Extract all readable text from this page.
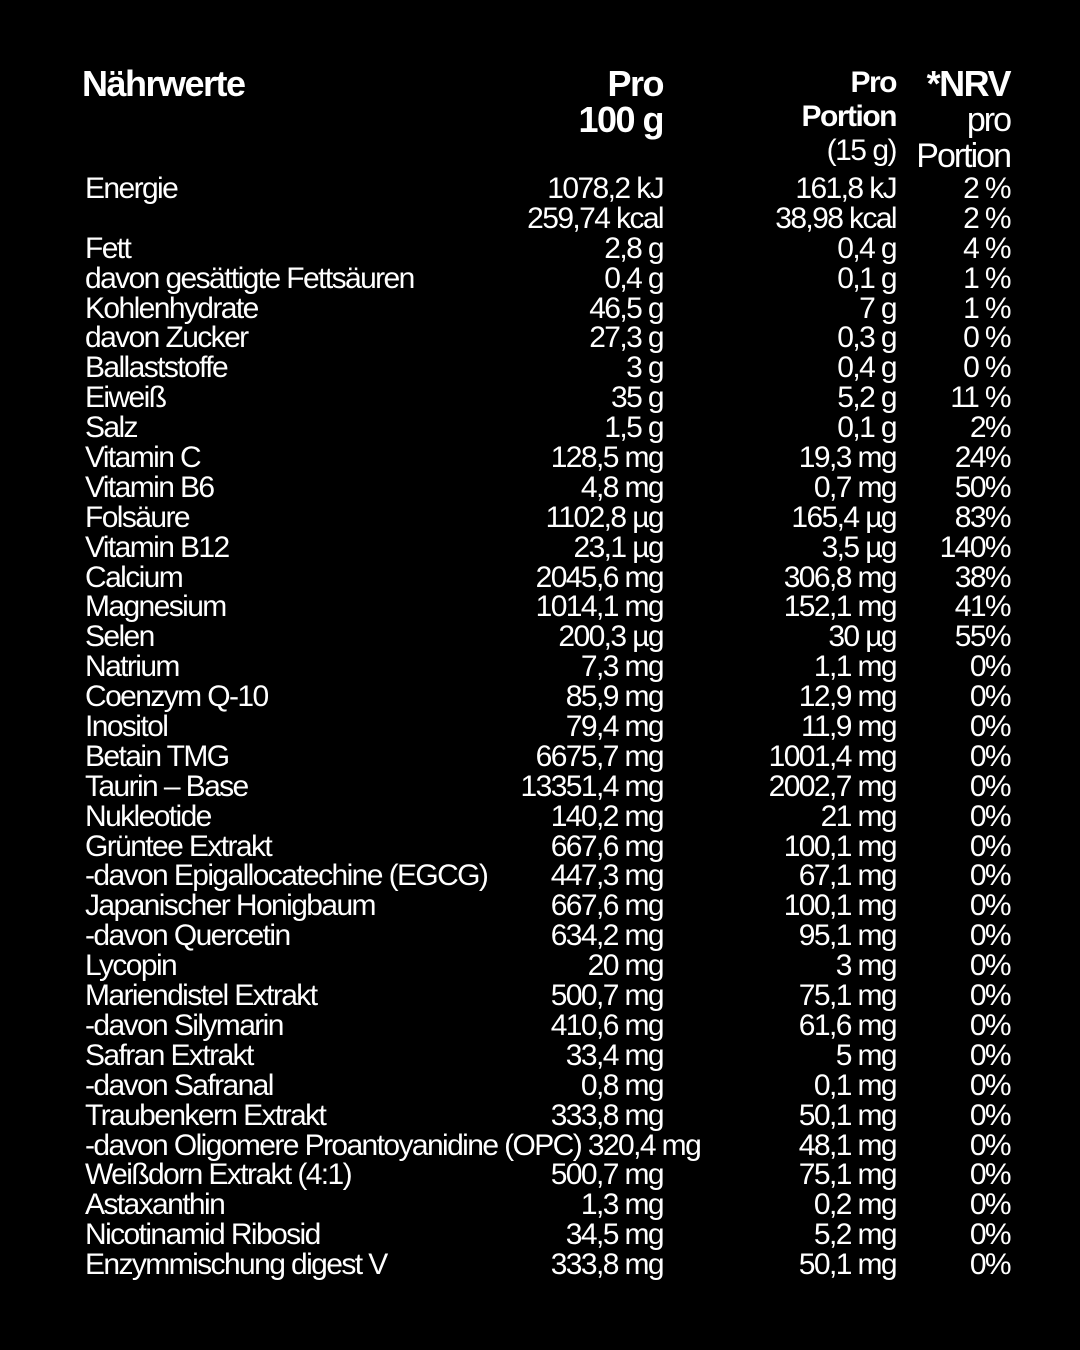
Nährwerte	Pro
100 g
Pro
Portion
(15 g)
*NRV
pro
Portion
Energie	1078,2 kJ	161,8 kJ 2 %
259,74 kcal	38,98 kcal 2 %
Fett	2,8 g	0,4 g 4 %
davon gesättigte Fettsäuren	0,4 g	0,1 g 1 %
Kohlenhydrate	46,5 g	7 g 1 %
davon Zucker	27,3 g	0,3 g 0 %
Ballaststoffe	3 g	0,4 g 0 %
Eiweiß	35 g	5,2 g 11 %
Salz	1,5 g	0,1 g 2%
Vitamin C	128,5 mg	19,3 mg 24%
Vitamin B6	4,8 mg	0,7 mg 50%
Folsäure	1102,8 µg	165,4 µg 83%
Vitamin B12	23,1 µg	3,5 µg 140%
Calcium	2045,6 mg	306,8 mg 38%
Magnesium	1014,1 mg	152,1 mg 41%
Selen	200,3 µg	30 µg 55%
Natrium	7,3 mg	1,1 mg 0%
Coenzym Q-10	85,9 mg	12,9 mg 0%
Inositol	79,4 mg	11,9 mg 0%
Betain TMG	6675,7 mg	1001,4 mg 0%
Taurin – Base	13351,4 mg	2002,7 mg 0%
Nukleotide	140,2 mg	21 mg 0%
Grüntee Extrakt	667,6 mg	100,1 mg 0%
-davon Epigallocatechine (EGCG) 447,3 mg	67,1 mg 0%
Japanischer Honigbaum	667,6 mg	100,1 mg 0%
-davon Quercetin	634,2 mg	95,1 mg 0%
Lycopin	20 mg	3 mg 0%
Mariendistel Extrakt	500,7 mg	75,1 mg 0%
-davon Silymarin	410,6 mg	61,6 mg 0%
Safran Extrakt	33,4 mg	5 mg 0%
-davon Safranal	0,8 mg	0,1 mg 0%
Traubenkern Extrakt	333,8 mg	50,1 mg 0%
-davon Oligomere Proantoyanidine (OPC) 320,4 mg	48,1 mg 0%
Weißdorn Extrakt (4:1)	500,7 mg	75,1 mg 0%
Astaxanthin	1,3 mg	0,2 mg 0%
Nicotinamid Ribosid	34,5 mg	5,2 mg 0%
Enzymmischung digest V	333,8 mg	50,1 mg 0%
